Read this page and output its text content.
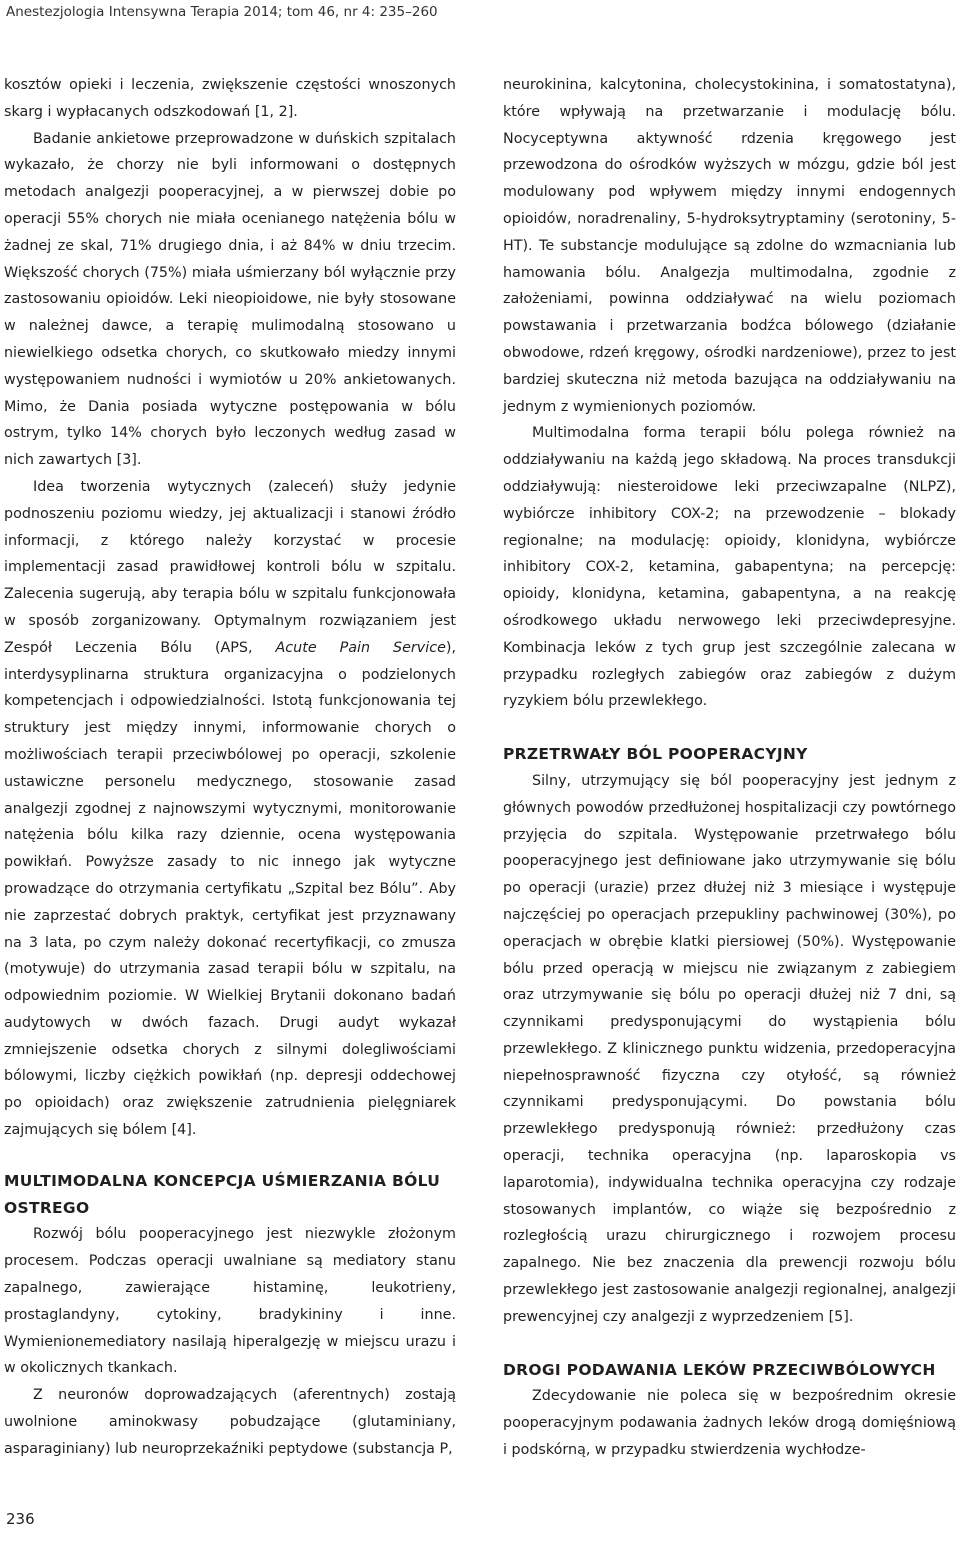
Anestezjologia Intensywna Terapia 2014; tom 46, nr 4: 235–260

kosztów opieki i leczenia, zwiększenie częstości wnoszonych skarg i wypłacanych odszkodowań [1, 2].

Badanie ankietowe przeprowadzone w duńskich szpitalach wykazało, że chorzy nie byli informowani o dostępnych metodach analgezji pooperacyjnej, a w pierwszej dobie po operacji 55% chorych nie miała ocenianego natężenia bólu w żadnej ze skal, 71% drugiego dnia, i aż 84% w dniu trzecim. Większość chorych (75%) miała uśmierzany ból wyłącznie przy zastosowaniu opioidów. Leki nieopioidowe, nie były stosowane w należnej dawce, a terapię mulimodalną stosowano u niewielkiego odsetka chorych, co skutkowało miedzy innymi występowaniem nudności i wymiotów u 20% ankietowanych. Mimo, że Dania posiada wytyczne postępowania w bólu ostrym, tylko 14% chorych było leczonych według zasad w nich zawartych [3].

Idea tworzenia wytycznych (zaleceń) służy jedynie podnoszeniu poziomu wiedzy, jej aktualizacji i stanowi źródło informacji, z którego należy korzystać w procesie implementacji zasad prawidłowej kontroli bólu w szpitalu. Zalecenia sugerują, aby terapia bólu w szpitalu funkcjonowała w sposób zorganizowany. Optymalnym rozwiązaniem jest Zespół Leczenia Bólu (APS, Acute Pain Service), interdysyplinarna struktura organizacyjna o podzielonych kompetencjach i odpowiedzialności. Istotą funkcjonowania tej struktury jest między innymi, informowanie chorych o możliwościach terapii przeciwbólowej po operacji, szkolenie ustawiczne personelu medycznego, stosowanie zasad analgezji zgodnej z najnowszymi wytycznymi, monitorowanie natężenia bólu kilka razy dziennie, ocena występowania powikłań. Powyższe zasady to nic innego jak wytyczne prowadzące do otrzymania certyfikatu „Szpital bez Bólu”. Aby nie zaprzestać dobrych praktyk, certyfikat jest przyznawany na 3 lata, po czym należy dokonać recertyfikacji, co zmusza (motywuje) do utrzymania zasad terapii bólu w szpitalu, na odpowiednim poziomie. W Wielkiej Brytanii dokonano badań audytowych w dwóch fazach. Drugi audyt wykazał zmniejszenie odsetka chorych z silnymi dolegliwościami bólowymi, liczby ciężkich powikłań (np. depresji oddechowej po opioidach) oraz zwiększenie zatrudnienia pielęgniarek zajmujących się bólem [4].

MULTIMODALNA KONCEPCJA UŚMIERZANIA BÓLU OSTREGO

Rozwój bólu pooperacyjnego jest niezwykle złożonym procesem. Podczas operacji uwalniane są mediatory stanu zapalnego, zawierające histaminę, leukotrieny, prostaglandyny, cytokiny, bradykininy i inne. Wymienionemediatory nasilają hiperalgezję w miejscu urazu i w okolicznych tkankach.

Z neuronów doprowadzających (aferentnych) zostają uwolnione aminokwasy pobudzające (glutaminiany, asparaginiany) lub neuroprzekaźniki peptydowe (substancja P,

neurokinina, kalcytonina, cholecystokinina, i somatostatyna), które wpływają na przetwarzanie i modulację bólu. Nocyceptywna aktywność rdzenia kręgowego jest przewodzona do ośrodków wyższych w mózgu, gdzie ból jest modulowany pod wpływem między innymi endogennych opioidów, noradrenaliny, 5-hydroksytryptaminy (serotoniny, 5-HT). Te substancje modulujące są zdolne do wzmacniania lub hamowania bólu. Analgezja multimodalna, zgodnie z założeniami, powinna oddziaływać na wielu poziomach powstawania i przetwarzania bodźca bólowego (działanie obwodowe, rdzeń kręgowy, ośrodki nardzeniowe), przez to jest bardziej skuteczna niż metoda bazująca na oddziaływaniu na jednym z wymienionych poziomów.

Multimodalna forma terapii bólu polega również na oddziaływaniu na każdą jego składową. Na proces transdukcji oddziaływują: niesteroidowe leki przeciwzapalne (NLPZ), wybiórcze inhibitory COX-2; na przewodzenie – blokady regionalne; na modulację: opioidy, klonidyna, wybiórcze inhibitory COX-2, ketamina, gabapentyna; na percepcję: opioidy, klonidyna, ketamina, gabapentyna, a na reakcję ośrodkowego układu nerwowego leki przeciwdepresyjne. Kombinacja leków z tych grup jest szczególnie zalecana w przypadku rozległych zabiegów oraz zabiegów z dużym ryzykiem bólu przewlekłego.

PRZETRWAŁY BÓL POOPERACYJNY

Silny, utrzymujący się ból pooperacyjny jest jednym z głównych powodów przedłużonej hospitalizacji czy powtórnego przyjęcia do szpitala. Występowanie przetrwałego bólu pooperacyjnego jest definiowane jako utrzymywanie się bólu po operacji (urazie) przez dłużej niż 3 miesiące i występuje najczęściej po operacjach przepukliny pachwinowej (30%), po operacjach w obrębie klatki piersiowej (50%). Występowanie bólu przed operacją w miejscu nie związanym z zabiegiem oraz utrzymywanie się bólu po operacji dłużej niż 7 dni, są czynnikami predysponującymi do wystąpienia bólu przewlekłego. Z klinicznego punktu widzenia, przedoperacyjna niepełnosprawność fizyczna czy otyłość, są również czynnikami predysponującymi. Do powstania bólu przewlekłego predysponują również: przedłużony czas operacji, technika operacyjna (np. laparoskopia vs laparotomia), indywidualna technika operacyjna czy rodzaje stosowanych implantów, co wiąże się bezpośrednio z rozległością urazu chirurgicznego i rozwojem procesu zapalnego. Nie bez znaczenia dla prewencji rozwoju bólu przewlekłego jest zastosowanie analgezji regionalnej, analgezji prewencyjnej czy analgezji z wyprzedzeniem [5].

DROGI PODAWANIA LEKÓW PRZECIWBÓLOWYCH

Zdecydowanie nie poleca się w bezpośrednim okresie pooperacyjnym podawania żadnych leków drogą domięśniową i podskórną, w przypadku stwierdzenia wychłodze-

236
